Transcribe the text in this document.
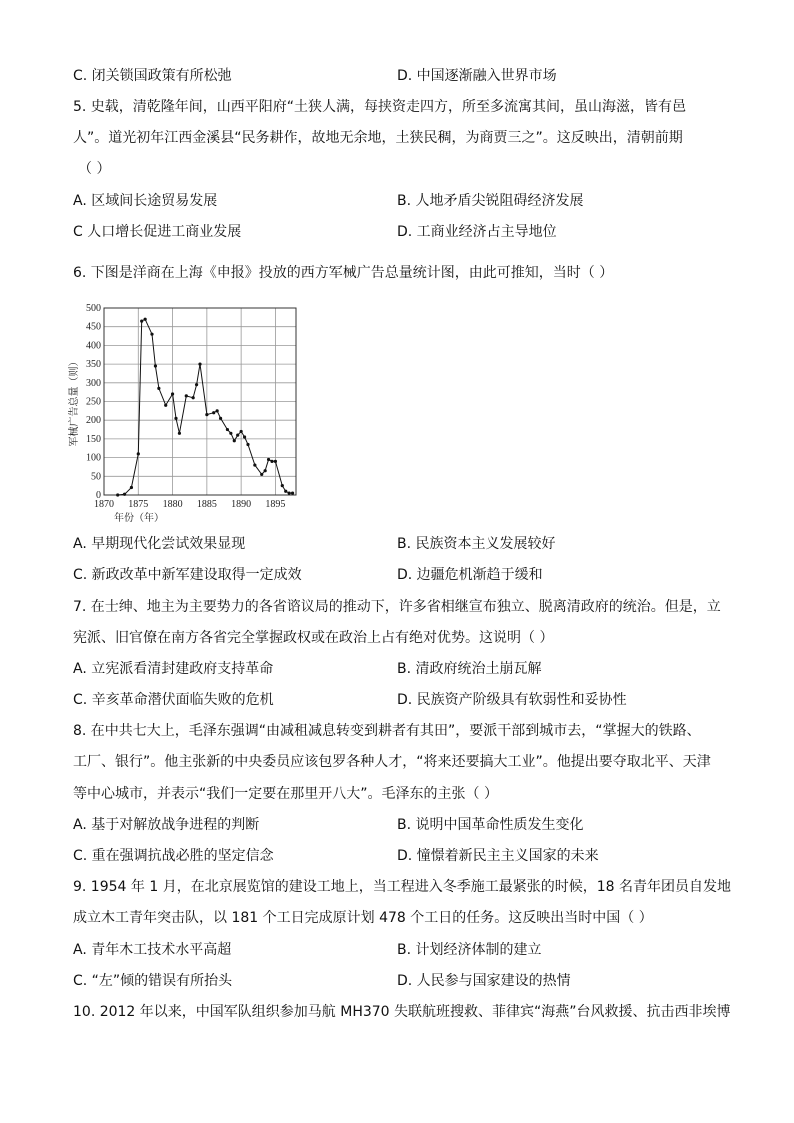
C. 闭关锁国政策有所松弛	D. 中国逐渐融入世界市场
5. 史载，清乾隆年间，山西平阳府“土狭人满，每挟资走四方，所至多流寓其间，虽山海滋，皆有邑
人”。道光初年江西金溪县“民务耕作，故地无余地，土狭民稠，为商贾三之”。这反映出，清朝前期
（ ）
A. 区域间长途贸易发展	B. 人地矛盾尖锐阻碍经济发展
C 人口增长促进工商业发展	D. 工商业经济占主导地位
6. 下图是洋商在上海《申报》投放的西方军械广告总量统计图，由此可推知，当时（ ）
0
50
100
150
200
250
300
350
400
450
500
1870 1875 1880 1885 1890 1895
军械广告总量（则）
年份（年）
A. 早期现代化尝试效果显现	B. 民族资本主义发展较好
C. 新政改革中新军建设取得一定成效	D. 边疆危机渐趋于缓和
7. 在士绅、地主为主要势力的各省谘议局的推动下，许多省相继宣布独立、脱离清政府的统治。但是，立
宪派、旧官僚在南方各省完全掌握政权或在政治上占有绝对优势。这说明（ ）
A. 立宪派看清封建政府支持革命	B. 清政府统治土崩瓦解
C. 辛亥革命潜伏面临失败的危机	D. 民族资产阶级具有软弱性和妥协性
8. 在中共七大上，毛泽东强调“由减租减息转变到耕者有其田”，要派干部到城市去，“掌握大的铁路、
工厂、银行”。他主张新的中央委员应该包罗各种人才，“将来还要搞大工业”。他提出要夺取北平、天津
等中心城市，并表示“我们一定要在那里开八大”。毛泽东的主张（ ）
A. 基于对解放战争进程的判断	B. 说明中国革命性质发生变化
C. 重在强调抗战必胜的坚定信念	D. 憧憬着新民主主义国家的未来
9. 1954 年 1 月，在北京展览馆的建设工地上，当工程进入冬季施工最紧张的时候，18 名青年团员自发地
成立木工青年突击队，以 181 个工日完成原计划 478 个工日的任务。这反映出当时中国（ ）
A. 青年木工技术水平高超	B. 计划经济体制的建立
C. “左”倾的错误有所抬头	D. 人民参与国家建设的热情
10. 2012 年以来，中国军队组织参加马航 MH370 失联航班搜救、菲律宾“海燕”台风救援、抗击西非埃博
